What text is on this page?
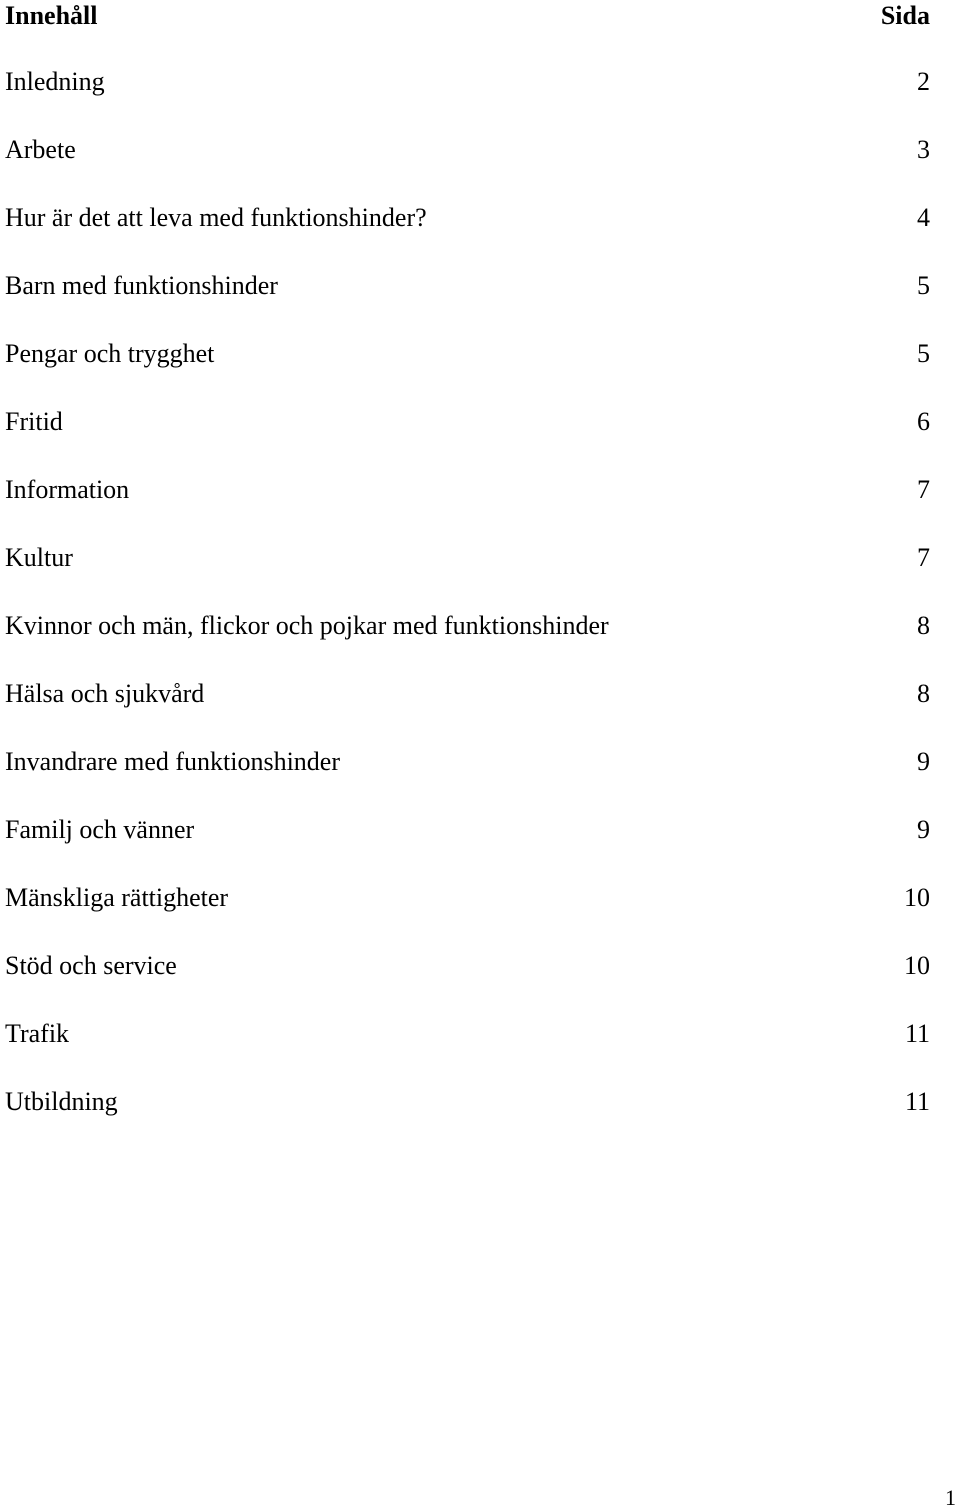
Innehåll	Sida
Inledning	2
Arbete	3
Hur är det att leva med funktionshinder?	4
Barn med funktionshinder	5
Pengar och trygghet	5
Fritid	6
Information	7
Kultur	7
Kvinnor och män, flickor och pojkar med funktionshinder	8
Hälsa och sjukvård	8
Invandrare med funktionshinder	9
Familj och vänner	9
Mänskliga rättigheter	10
Stöd och service	10
Trafik	11
Utbildning	11
1
